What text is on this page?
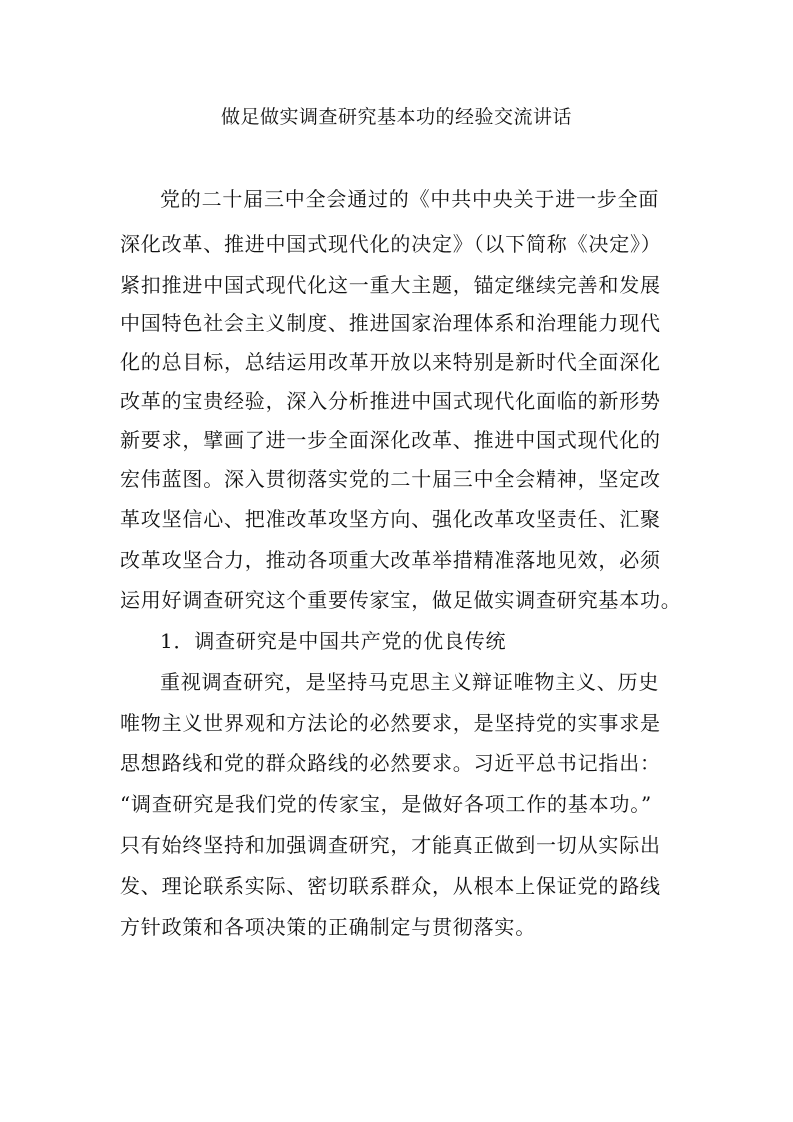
做足做实调查研究基本功的经验交流讲话
党的二十届三中全会通过的《中共中央关于进一步全面
深化改革、推进中国式现代化的决定》（以下简称《决定》）
紧扣推进中国式现代化这一重大主题，锚定继续完善和发展
中国特色社会主义制度、推进国家治理体系和治理能力现代
化的总目标，总结运用改革开放以来特别是新时代全面深化
改革的宝贵经验，深入分析推进中国式现代化面临的新形势
新要求，擘画了进一步全面深化改革、推进中国式现代化的
宏伟蓝图。深入贯彻落实党的二十届三中全会精神，坚定改
革攻坚信心、把准改革攻坚方向、强化改革攻坚责任、汇聚
改革攻坚合力，推动各项重大改革举措精准落地见效，必须
运用好调查研究这个重要传家宝，做足做实调查研究基本功。
1．调查研究是中国共产党的优良传统
重视调查研究，是坚持马克思主义辩证唯物主义、历史
唯物主义世界观和方法论的必然要求，是坚持党的实事求是
思想路线和党的群众路线的必然要求。习近平总书记指出：
“调查研究是我们党的传家宝，是做好各项工作的基本功。”
只有始终坚持和加强调查研究，才能真正做到一切从实际出
发、理论联系实际、密切联系群众，从根本上保证党的路线
方针政策和各项决策的正确制定与贯彻落实。
